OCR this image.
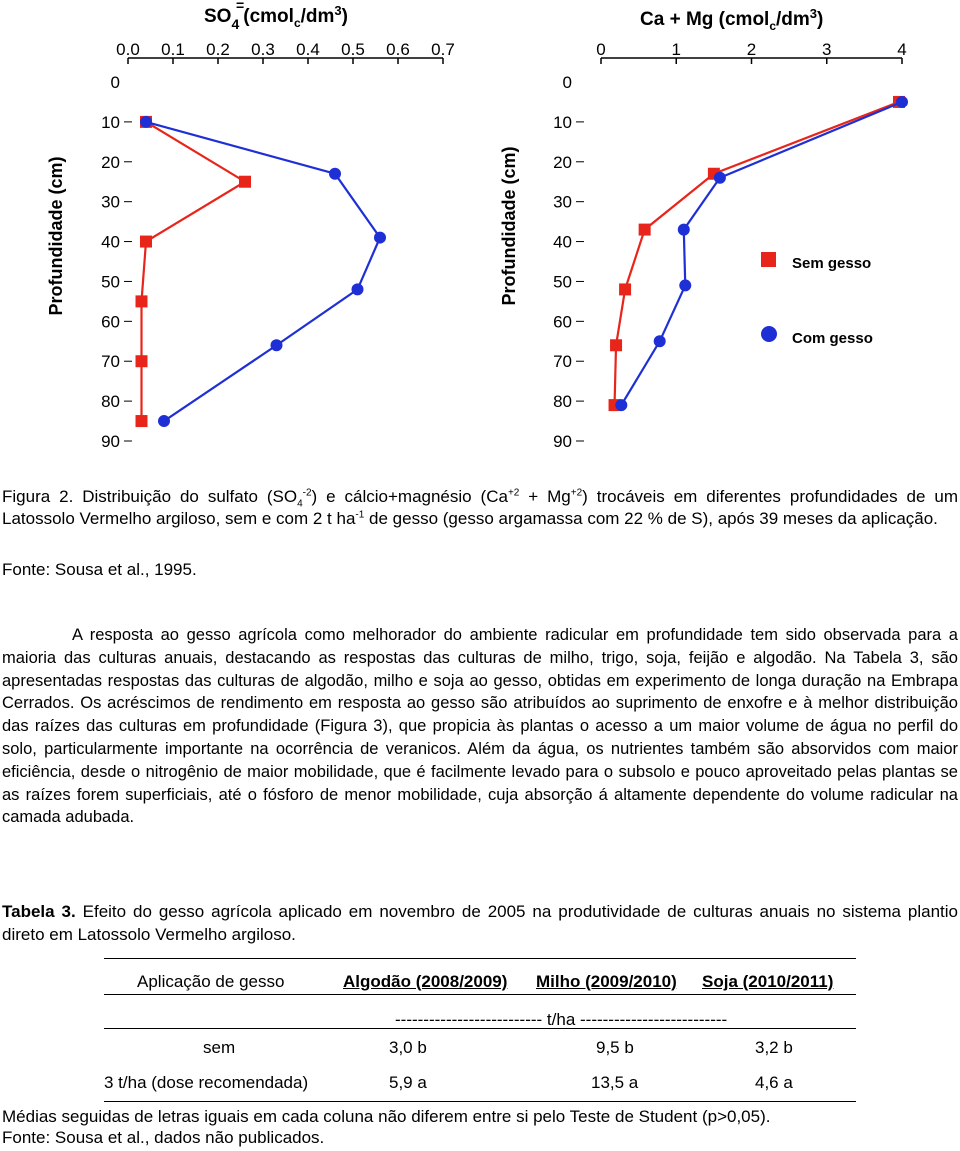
$SO_4$ $(cmol_c/dm^3)$
=
0.0 0.1 0.2 0.3 0.4 0.5 0.6 0.7
0
10
20
30
40
50
60
70
80
90
Profundidade (cm)
Ca + Mg $(cmol_c/dm^3)$
0	1	2	3	4
0
10
20
30
40
50
60
70
80
90
Profundidade (cm)	Sem gesso
Com gesso
Figura 2. Distribuição do sulfato $(SO_4^{-2})$ e cálcio+magnésio $(Ca^{+2} + Mg^{+2})$ trocáveis em diferentes profundidades de um Latossolo Vermelho argiloso, sem e com 2 t $ha^{-1}$ de gesso (gesso argamassa com 22 % de S), após 39 meses da aplicação.
Fonte: Sousa et al., 1995.

A resposta ao gesso agrícola como melhorador do ambiente radicular em profundidade tem sido observada para a maioria das culturas anuais, destacando as respostas das culturas de milho, trigo, soja, feijão e algodão. Na Tabela 3, são apresentadas respostas das culturas de algodão, milho e soja ao gesso, obtidas em experimento de longa duração na Embrapa Cerrados. Os acréscimos de rendimento em resposta ao gesso são atribuídos ao suprimento de enxofre e à melhor distribuição das raízes das culturas em profundidade (Figura 3), que propicia às plantas o acesso a um maior volume de água no perfil do solo, particularmente importante na ocorrência de veranicos. Além da água, os nutrientes também são absorvidos com maior eficiência, desde o nitrogênio de maior mobilidade, que é facilmente levado para o subsolo e pouco aproveitado pelas plantas se as raízes forem superficiais, até o fósforo de menor mobilidade, cuja absorção á altamente dependente do volume radicular na camada adubada.

Tabela 3. Efeito do gesso agrícola aplicado em novembro de 2005 na produtividade de culturas anuais no sistema plantio direto em Latossolo Vermelho argiloso.
Aplicação de gesso	Algodão (2008/2009) Milho (2009/2010) Soja (2010/2011)
-------------------------- t/ha --------------------------
sem	3,0 b	9,5 b	3,2 b
3 t/ha (dose recomendada)	5,9 a	13,5 a	4,6 a
Médias seguidas de letras iguais em cada coluna não diferem entre si pelo Teste de Student (p>0,05).
Fonte: Sousa et al., dados não publicados.
